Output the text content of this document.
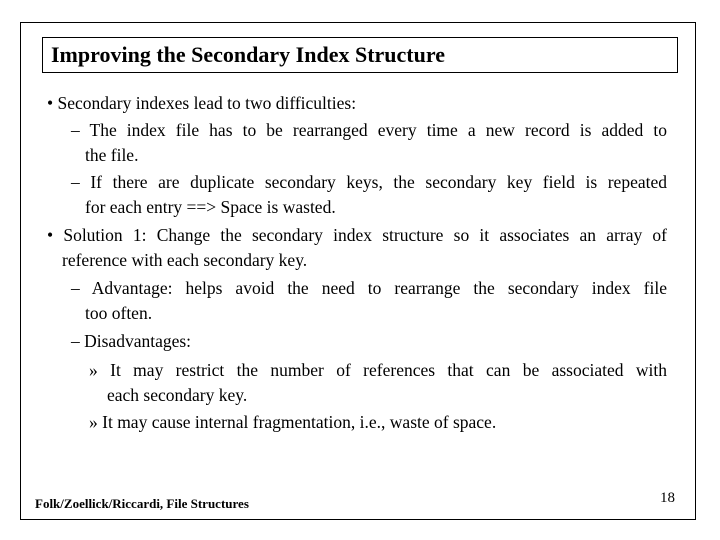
Improving the Secondary Index Structure
• Secondary indexes lead to two difficulties:
– The index file has to be rearranged every time a new record is added to
the file.
– If there are duplicate secondary keys, the secondary key field is repeated
for each entry ==> Space is wasted.
• Solution 1: Change the secondary index structure so it associates an array of
reference with each secondary key.
– Advantage: helps avoid the need to rearrange the secondary index file
too often.
– Disadvantages:
» It may restrict the number of references that can be associated with
each secondary key.
» It may cause internal fragmentation, i.e., waste of space.
Folk/Zoellick/Riccardi, File Structures	18
